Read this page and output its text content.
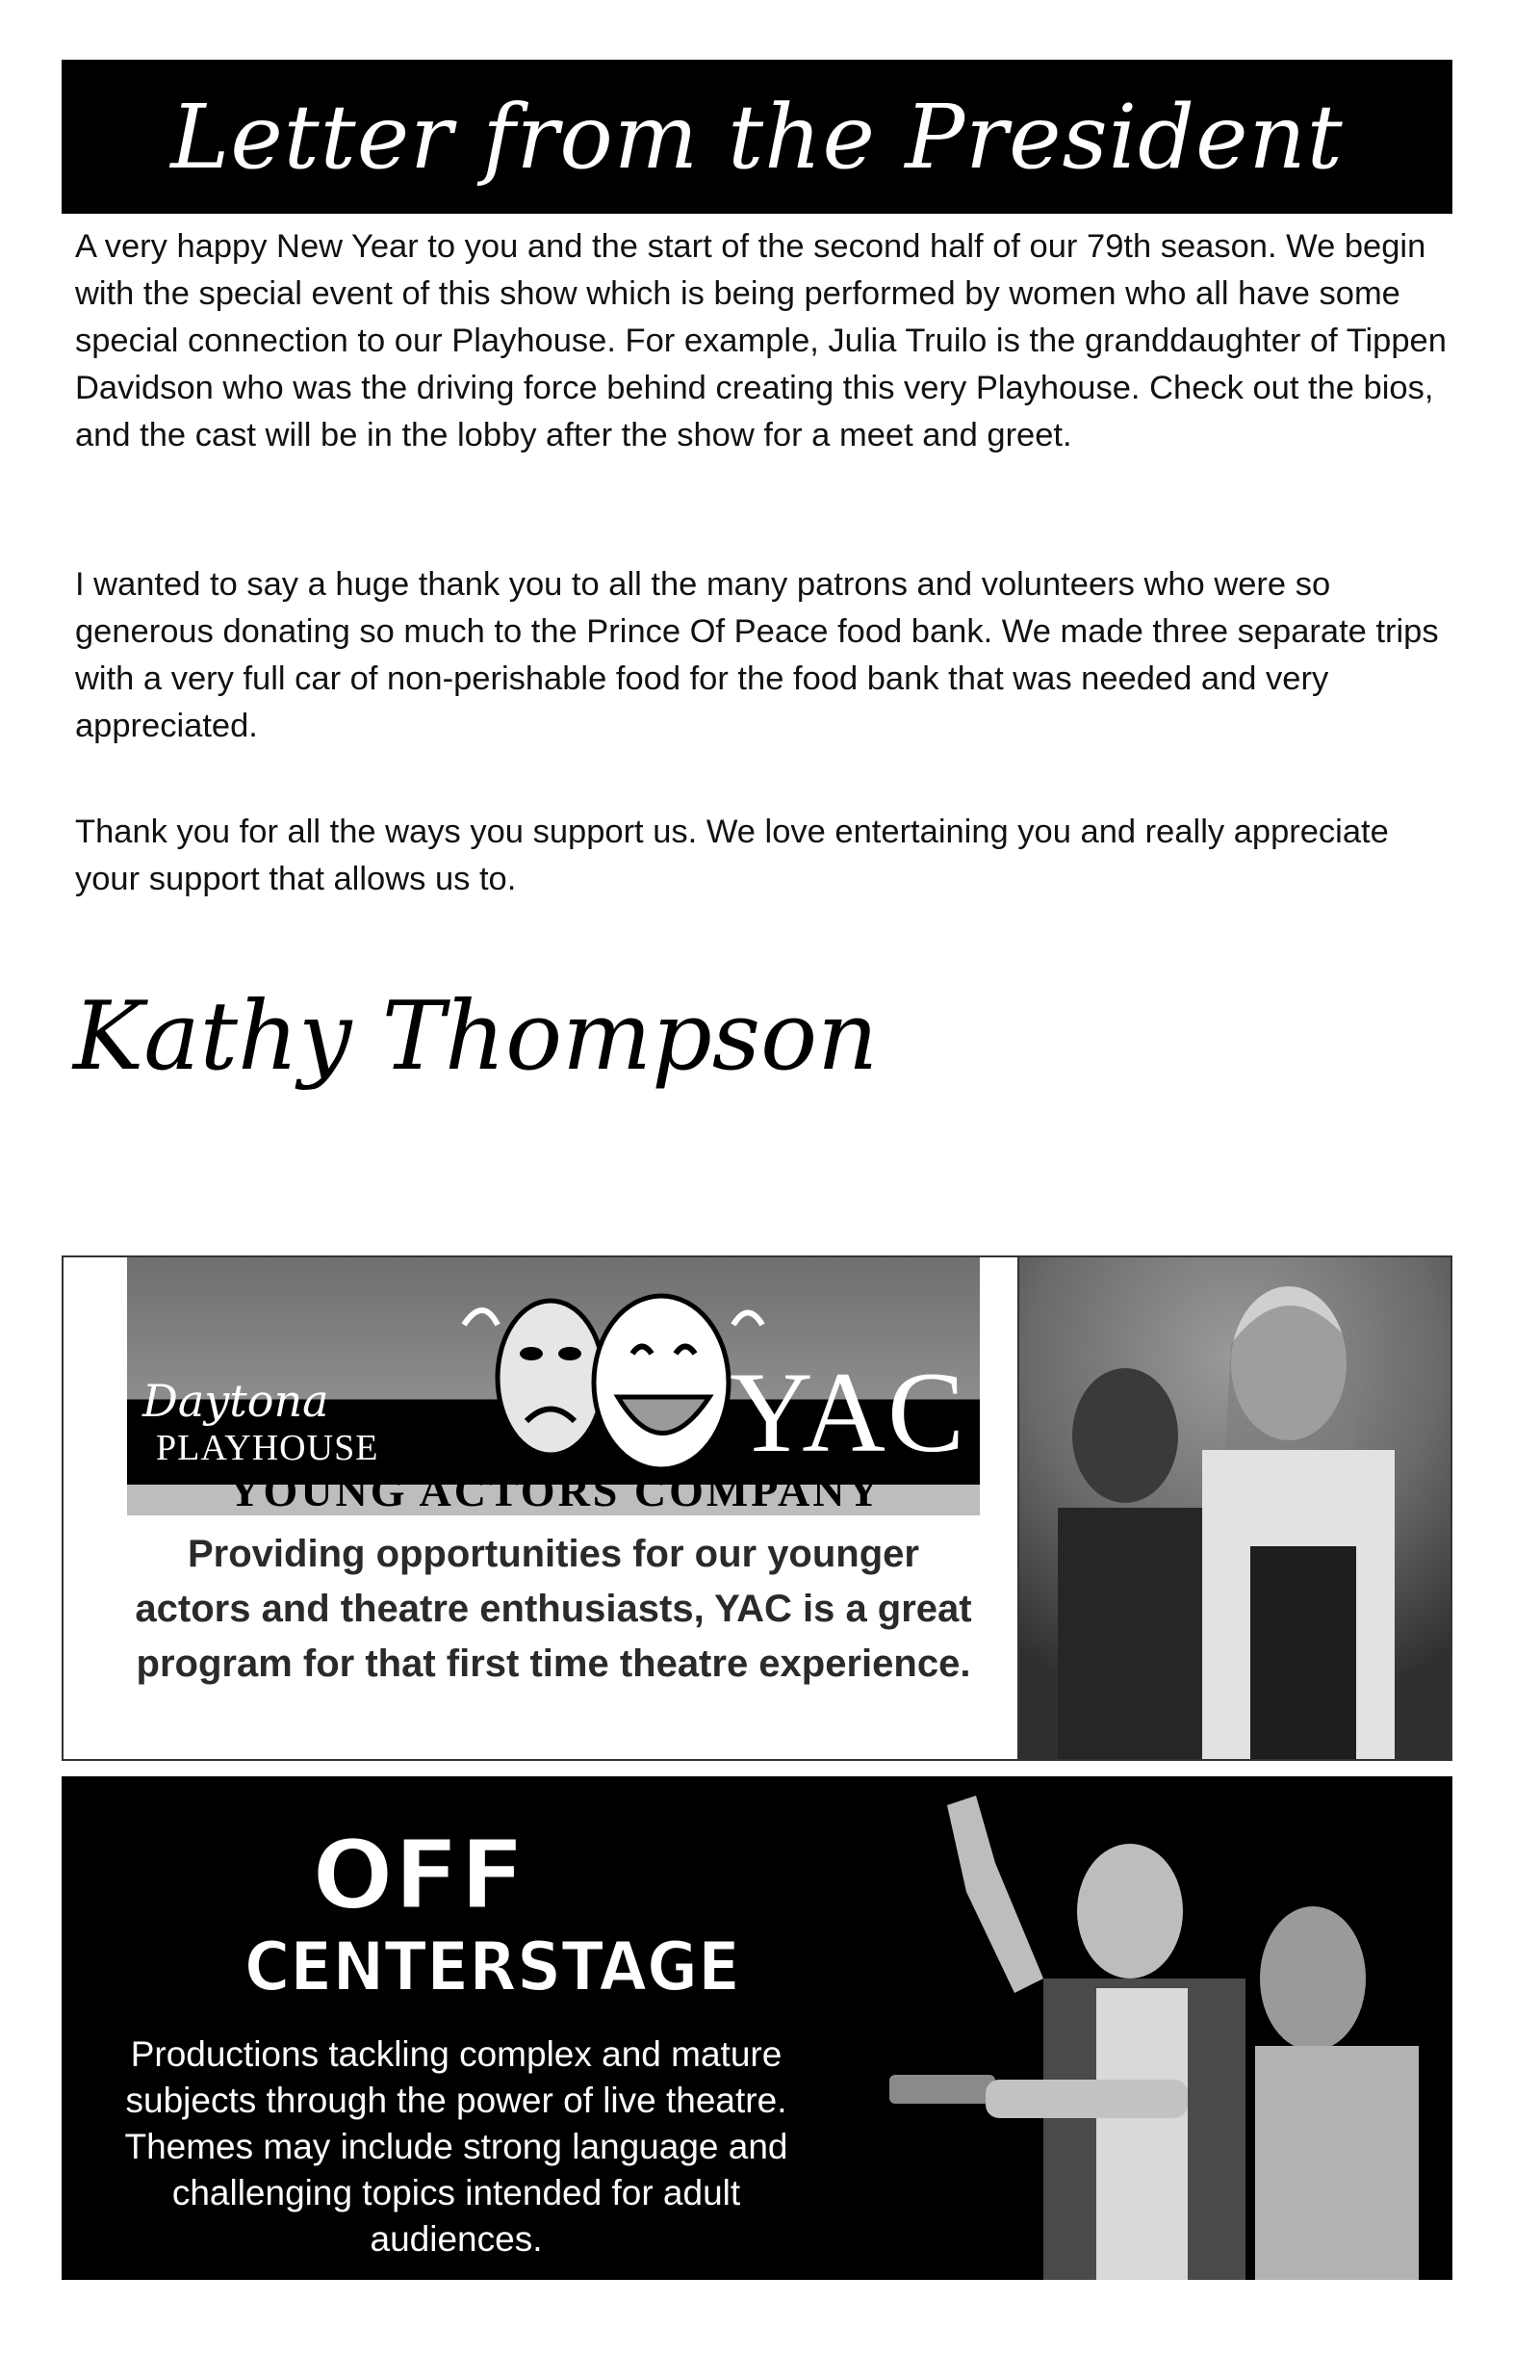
Letter from the President

A very happy New Year to you and the start of the second half of our 79th season. We begin with the special event of this show which is being performed by women who all have some special connection to our Playhouse. For example, Julia Truilo is the granddaughter of Tippen Davidson who was the driving force behind creating this very Playhouse. Check out the bios, and the cast will be in the lobby after the show for a meet and greet.

I wanted to say a huge thank you to all the many patrons and volunteers who were so generous donating so much to the Prince Of Peace food bank. We made three separate trips with a very full car of non-perishable food for the food bank that was needed and very appreciated.

Thank you for all the ways you support us. We love entertaining you and really appreciate your support that allows us to.

Kathy Thompson
Daytona
PLAYHOUSE	YAC
YOUNG ACTORS COMPANY
Providing opportunities for our younger actors and theatre enthusiasts, YAC is a great program for that first time theatre experience.
OFF
CENTERSTAGE
Productions tackling complex and mature subjects through the power of live theatre. Themes may include strong language and challenging topics intended for adult audiences.
